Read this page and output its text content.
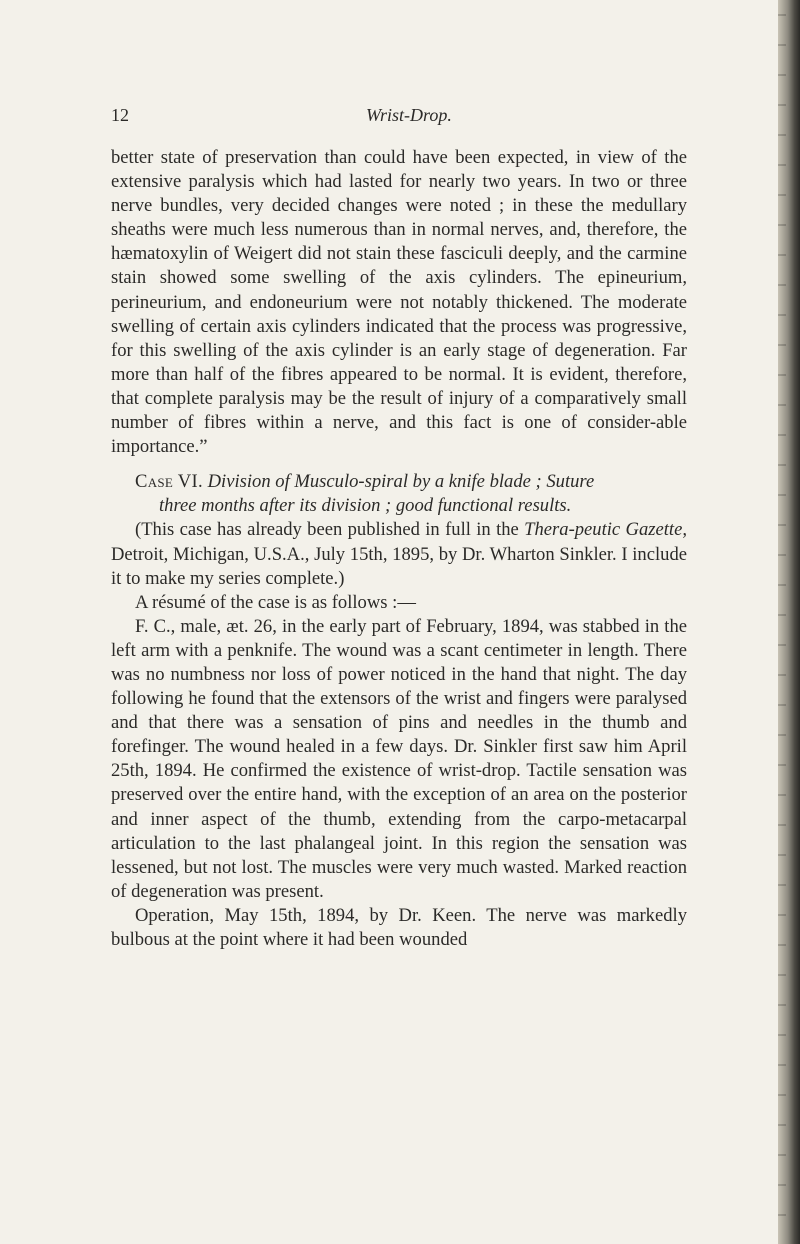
12	Wrist-Drop.

better state of preservation than could have been expected, in view of the extensive paralysis which had lasted for nearly two years. In two or three nerve bundles, very decided changes were noted ; in these the medullary sheaths were much less numerous than in normal nerves, and, therefore, the hæmatoxylin of Weigert did not stain these fasciculi deeply, and the carmine stain showed some swelling of the axis cylinders. The epineurium, perineurium, and endoneurium were not notably thickened. The moderate swelling of certain axis cylinders indicated that the process was progressive, for this swelling of the axis cylinder is an early stage of degeneration. Far more than half of the fibres appeared to be normal. It is evident, therefore, that complete paralysis may be the result of injury of a comparatively small number of fibres within a nerve, and this fact is one of consider-able importance.”

Case VI. Division of Musculo-spiral by a knife blade ; Suture

three months after its division ; good functional results.

(This case has already been published in full in the Thera-peutic Gazette, Detroit, Michigan, U.S.A., July 15th, 1895, by Dr. Wharton Sinkler. I include it to make my series complete.)

A résumé of the case is as follows :—

F. C., male, æt. 26, in the early part of February, 1894, was stabbed in the left arm with a penknife. The wound was a scant centimeter in length. There was no numbness nor loss of power noticed in the hand that night. The day following he found that the extensors of the wrist and fingers were paralysed and that there was a sensation of pins and needles in the thumb and forefinger. The wound healed in a few days. Dr. Sinkler first saw him April 25th, 1894. He confirmed the existence of wrist-drop. Tactile sensation was preserved over the entire hand, with the exception of an area on the posterior and inner aspect of the thumb, extending from the carpo-metacarpal articulation to the last phalangeal joint. In this region the sensation was lessened, but not lost. The muscles were very much wasted. Marked reaction of degeneration was present.

Operation, May 15th, 1894, by Dr. Keen. The nerve was markedly bulbous at the point where it had been wounded
